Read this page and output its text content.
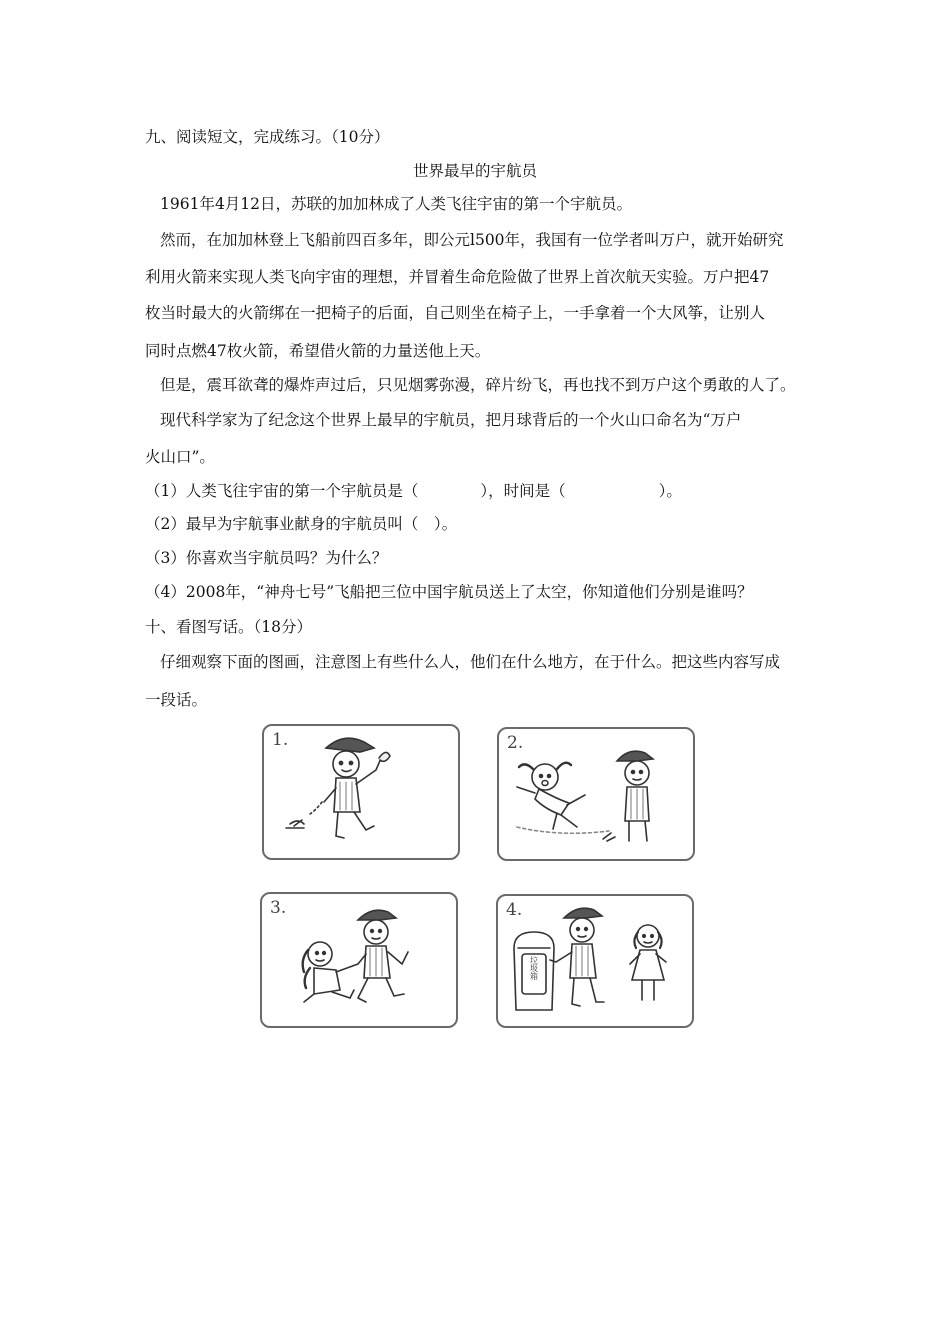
九、阅读短文，完成练习。（10分）
世界最早的宇航员
1961年4月12日，苏联的加加林成了人类飞往宇宙的第一个宇航员。
然而，在加加林登上飞船前四百多年，即公元l500年，我国有一位学者叫万户，就开始研究
利用火箭来实现人类飞向宇宙的理想，并冒着生命危险做了世界上首次航天实验。万户把47
枚当时最大的火箭绑在一把椅子的后面，自己则坐在椅子上，一手拿着一个大风筝，让别人
同时点燃47枚火箭，希望借火箭的力量送他上天。
但是，震耳欲聋的爆炸声过后，只见烟雾弥漫，碎片纷飞，再也找不到万户这个勇敢的人了。
现代科学家为了纪念这个世界上最早的宇航员，把月球背后的一个火山口命名为“万户
火山口”。
（1）人类飞往宇宙的第一个宇航员是（　　　　），时间是（　　　　　　）。
（2）最早为宇航事业献身的宇航员叫（　）。
（3）你喜欢当宇航员吗？为什么？
（4）2008年，“神舟七号”飞船把三位中国宇航员送上了太空，你知道他们分别是谁吗？
十、看图写话。（18分）
仔细观察下面的图画，注意图上有些什么人，他们在什么地方，在于什么。把这些内容写成
一段话。
1.	2.
3.	4.
垃圾箱
